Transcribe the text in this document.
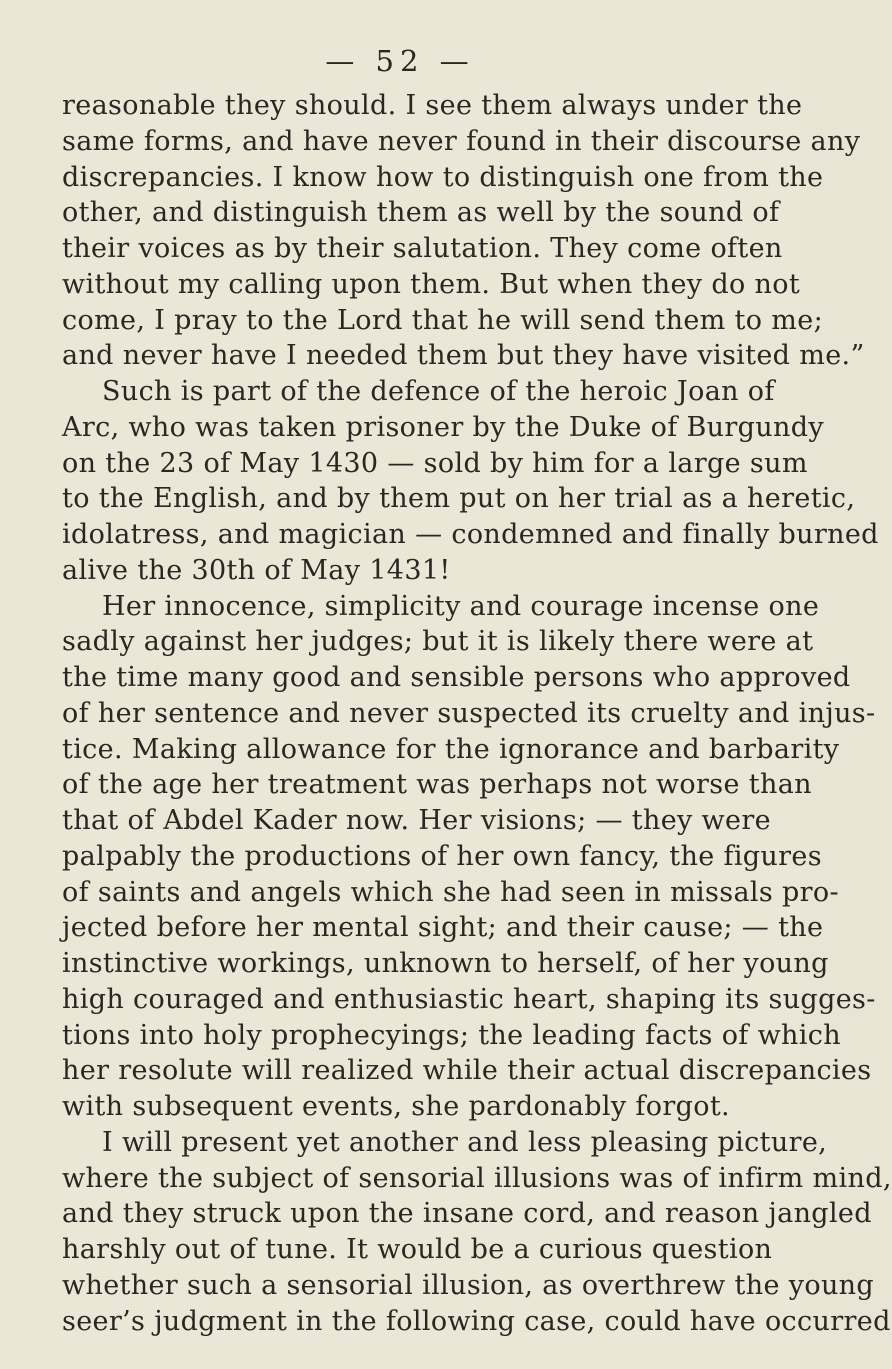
— 52 —
reasonable they should. I see them always under the
same forms, and have never found in their discourse any
discrepancies. I know how to distinguish one from the
other, and distinguish them as well by the sound of
their voices as by their salutation. They come often
without my calling upon them. But when they do not
come, I pray to the Lord that he will send them to me;
and never have I needed them but they have visited me.”
Such is part of the defence of the heroic Joan of
Arc, who was taken prisoner by the Duke of Burgundy
on the 23 of May 1430 — sold by him for a large sum
to the English, and by them put on her trial as a heretic,
idolatress, and magician — condemned and finally burned
alive the 30th of May 1431!
Her innocence, simplicity and courage incense one
sadly against her judges; but it is likely there were at
the time many good and sensible persons who approved
of her sentence and never suspected its cruelty and injus-
tice. Making allowance for the ignorance and barbarity
of the age her treatment was perhaps not worse than
that of Abdel Kader now. Her visions; — they were
palpably the productions of her own fancy, the figures
of saints and angels which she had seen in missals pro-
jected before her mental sight; and their cause; — the
instinctive workings, unknown to herself, of her young
high couraged and enthusiastic heart, shaping its sugges-
tions into holy prophecyings; the leading facts of which
her resolute will realized while their actual discrepancies
with subsequent events, she pardonably forgot.
I will present yet another and less pleasing picture,
where the subject of sensorial illusions was of infirm mind,
and they struck upon the insane cord, and reason jangled
harshly out of tune. It would be a curious question
whether such a sensorial illusion, as overthrew the young
seer’s judgment in the following case, could have occurred
